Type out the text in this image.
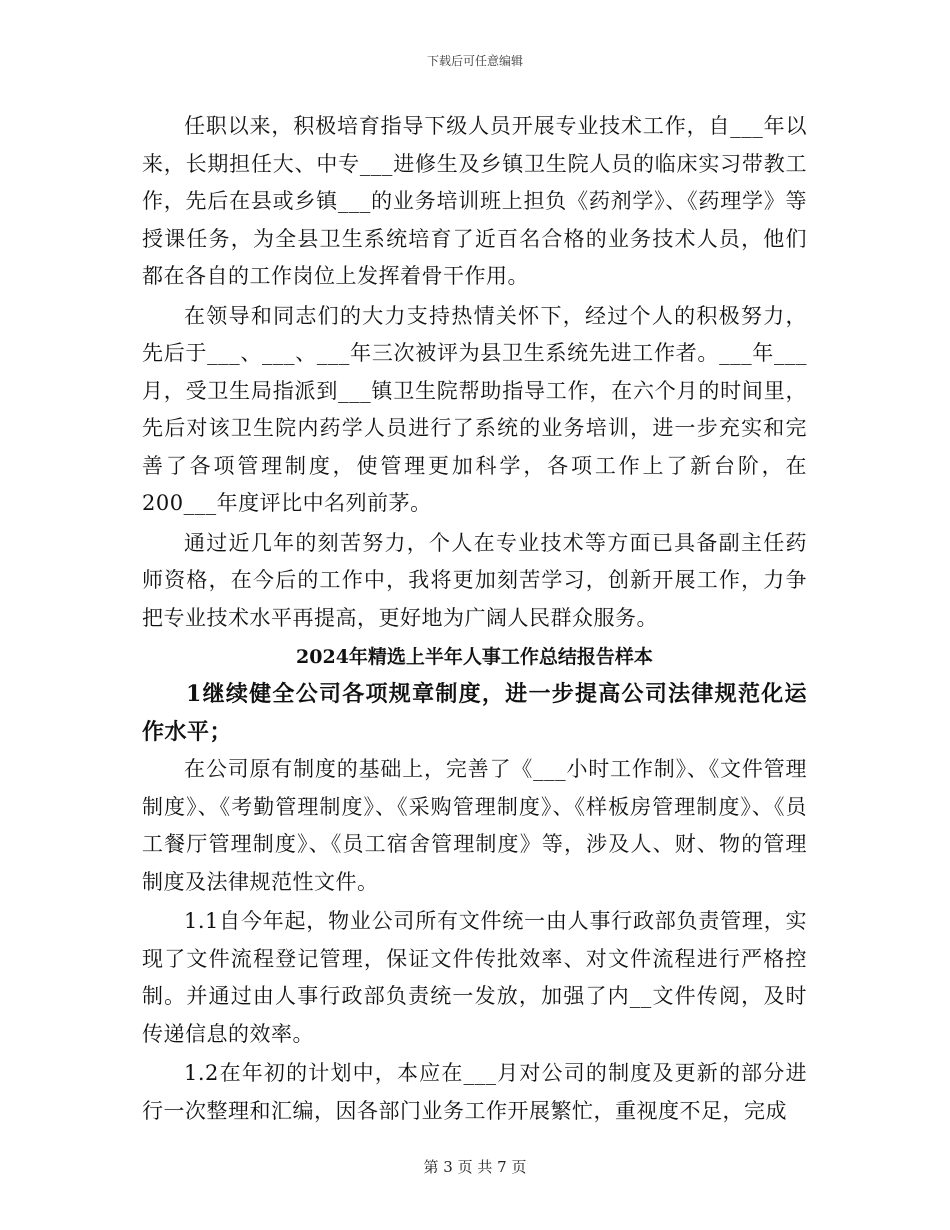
下载后可任意编辑

任职以来，积极培育指导下级人员开展专业技术工作，自___年以来，长期担任大、中专___进修生及乡镇卫生院人员的临床实习带教工作，先后在县或乡镇___的业务培训班上担负《药剂学》、《药理学》等授课任务，为全县卫生系统培育了近百名合格的业务技术人员，他们都在各自的工作岗位上发挥着骨干作用。

在领导和同志们的大力支持热情关怀下，经过个人的积极努力，先后于___、___、___年三次被评为县卫生系统先进工作者。___年___月，受卫生局指派到___镇卫生院帮助指导工作，在六个月的时间里，先后对该卫生院内药学人员进行了系统的业务培训，进一步充实和完善了各项管理制度，使管理更加科学，各项工作上了新台阶，在200___年度评比中名列前茅。

通过近几年的刻苦努力，个人在专业技术等方面已具备副主任药师资格，在今后的工作中，我将更加刻苦学习，创新开展工作，力争把专业技术水平再提高，更好地为广阔人民群众服务。

2024年精选上半年人事工作总结报告样本
1继续健全公司各项规章制度，进一步提高公司法律规范化运作水平；

在公司原有制度的基础上，完善了《___小时工作制》、《文件管理制度》、《考勤管理制度》、《采购管理制度》、《样板房管理制度》、《员工餐厅管理制度》、《员工宿舍管理制度》等，涉及人、财、物的管理制度及法律规范性文件。

1.1自今年起，物业公司所有文件统一由人事行政部负责管理，实现了文件流程登记管理，保证文件传批效率、对文件流程进行严格控制。并通过由人事行政部负责统一发放，加强了内__文件传阅，及时传递信息的效率。

1.2在年初的计划中，本应在___月对公司的制度及更新的部分进行一次整理和汇编，因各部门业务工作开展繁忙，重视度不足，完成

第 3 页 共 7 页
